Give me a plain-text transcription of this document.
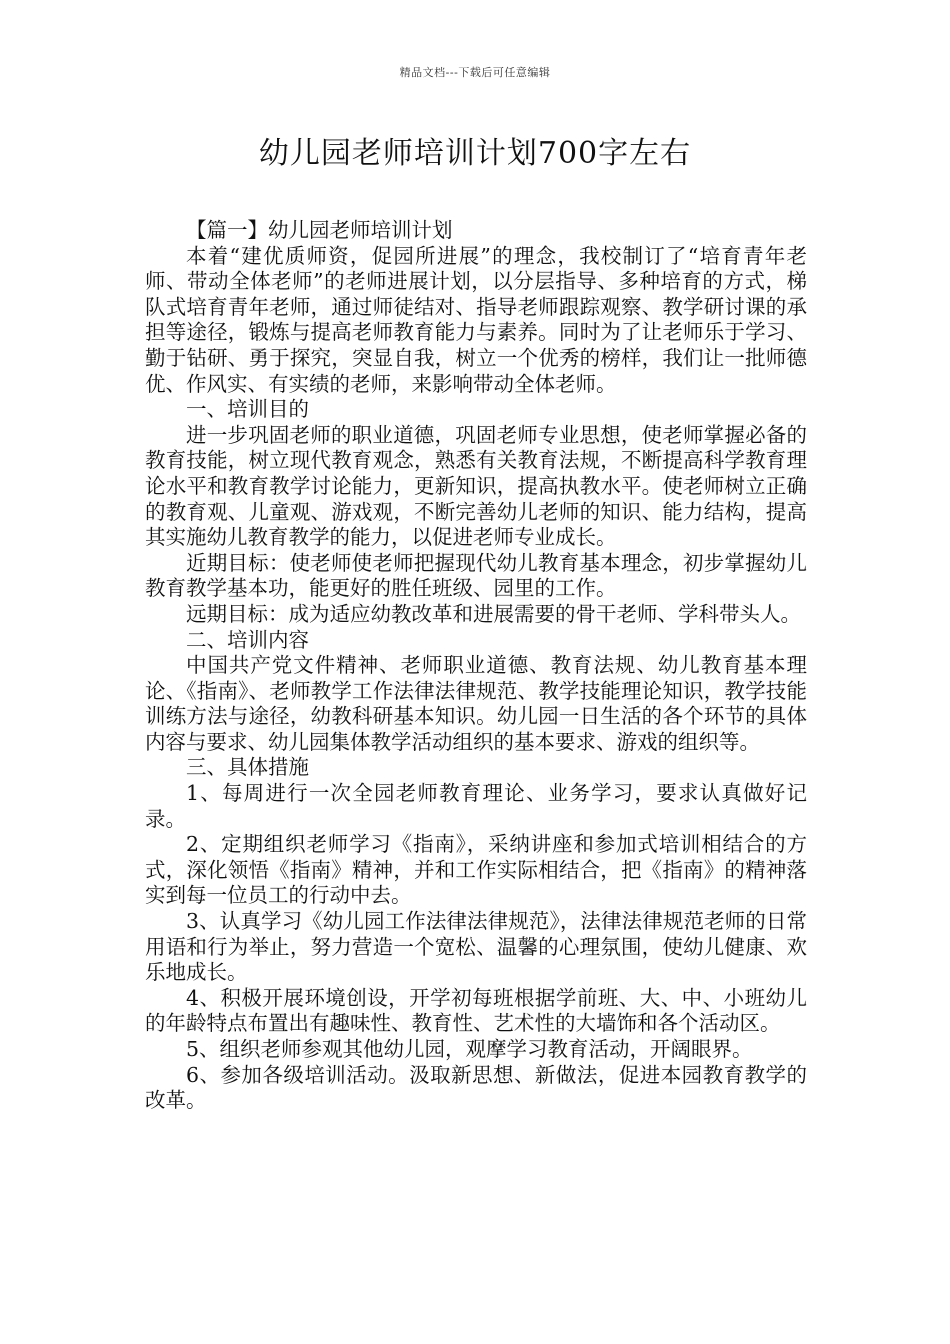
精品文档---下载后可任意编辑
幼儿园老师培训计划700字左右

【篇一】幼儿园老师培训计划

本着“建优质师资，促园所进展”的理念，我校制订了“培育青年老师、带动全体老师”的老师进展计划，以分层指导、多种培育的方式，梯队式培育青年老师，通过师徒结对、指导老师跟踪观察、教学研讨课的承担等途径，锻炼与提高老师教育能力与素养。同时为了让老师乐于学习、勤于钻研、勇于探究，突显自我，树立一个优秀的榜样，我们让一批师德优、作风实、有实绩的老师，来影响带动全体老师。

一、培训目的

进一步巩固老师的职业道德，巩固老师专业思想，使老师掌握必备的教育技能，树立现代教育观念，熟悉有关教育法规，不断提高科学教育理论水平和教育教学讨论能力，更新知识，提高执教水平。使老师树立正确的教育观、儿童观、游戏观，不断完善幼儿老师的知识、能力结构，提高其实施幼儿教育教学的能力，以促进老师专业成长。

近期目标：使老师使老师把握现代幼儿教育基本理念，初步掌握幼儿教育教学基本功，能更好的胜任班级、园里的工作。

远期目标：成为适应幼教改革和进展需要的骨干老师、学科带头人。

二、培训内容

中国共产党文件精神、老师职业道德、教育法规、幼儿教育基本理论、《指南》、老师教学工作法律法律规范、教学技能理论知识，教学技能训练方法与途径，幼教科研基本知识。幼儿园一日生活的各个环节的具体内容与要求、幼儿园集体教学活动组织的基本要求、游戏的组织等。

三、具体措施

1、每周进行一次全园老师教育理论、业务学习，要求认真做好记录。

2、定期组织老师学习《指南》，采纳讲座和参加式培训相结合的方式，深化领悟《指南》精神，并和工作实际相结合，把《指南》的精神落实到每一位员工的行动中去。

3、认真学习《幼儿园工作法律法律规范》，法律法律规范老师的日常用语和行为举止，努力营造一个宽松、温馨的心理氛围，使幼儿健康、欢乐地成长。

4、积极开展环境创设，开学初每班根据学前班、大、中、小班幼儿的年龄特点布置出有趣味性、教育性、艺术性的大墙饰和各个活动区。

5、组织老师参观其他幼儿园，观摩学习教育活动，开阔眼界。

6、参加各级培训活动。汲取新思想、新做法，促进本园教育教学的改革。
